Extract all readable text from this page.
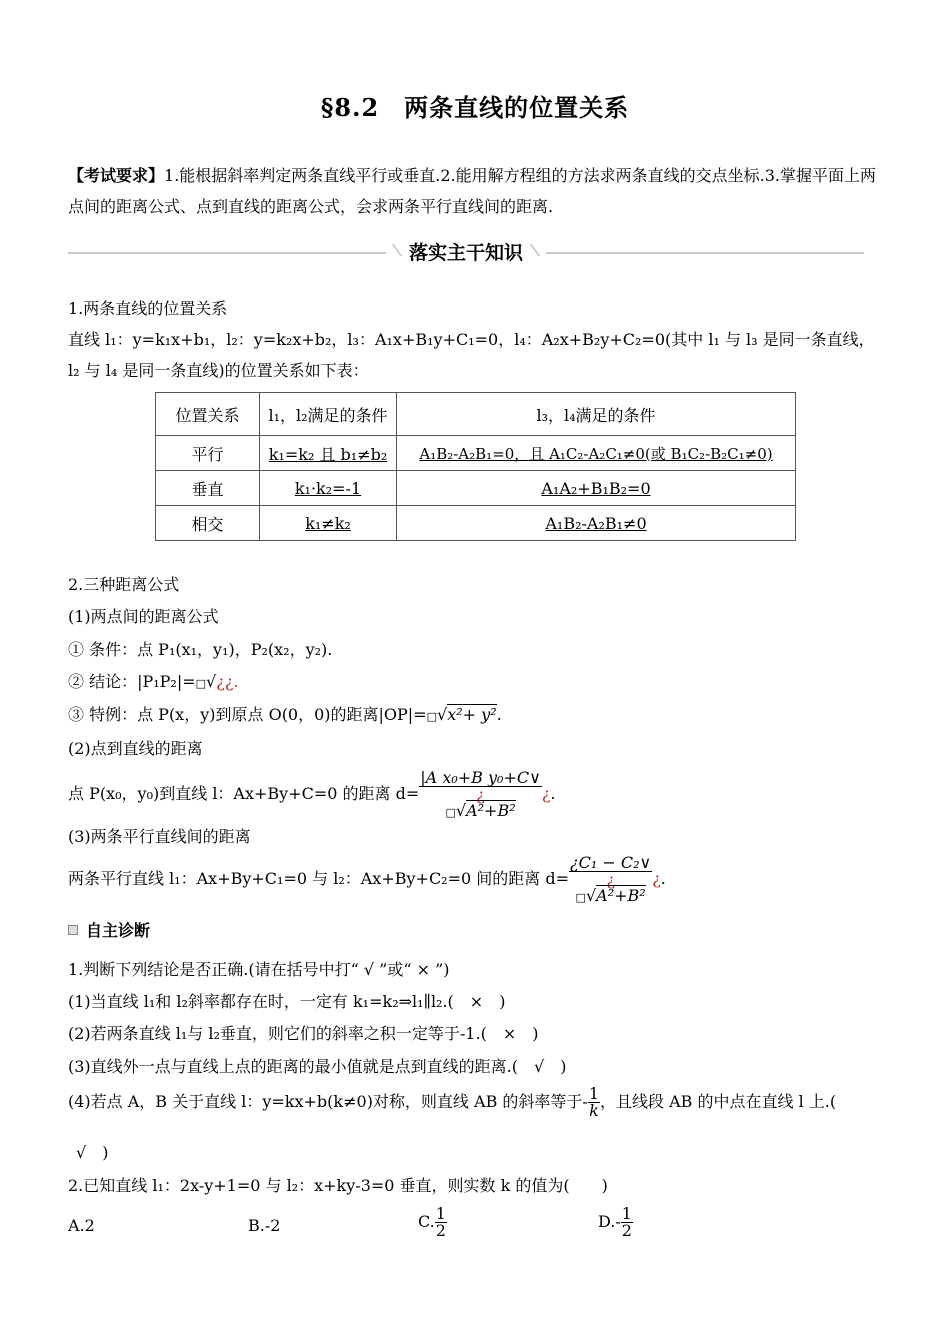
§8.2　两条直线的位置关系
【考试要求】1.能根据斜率判定两条直线平行或垂直.2.能用解方程组的方法求两条直线的交点坐标.3.掌握平面上两点间的距离公式、点到直线的距离公式，会求两条平行直线间的距离.
落实主干知识
1.两条直线的位置关系
直线 l₁：y=k₁x+b₁，l₂：y=k₂x+b₂，l₃：A₁x+B₁y+C₁=0，l₄：A₂x+B₂y+C₂=0(其中 l₁ 与 l₃ 是同一条直线，l₂ 与 l₄ 是同一条直线)的位置关系如下表：
位置关系	l₁，l₂满足的条件	l₃，l₄满足的条件
平行	k₁=k₂ 且 b₁≠b₂	A₁B₂-A₂B₁=0，且 A₁C₂-A₂C₁≠0(或 B₁C₂-B₂C₁≠0)
垂直	k₁·k₂=-1	A₁A₂+B₁B₂=0
相交	k₁≠k₂	A₁B₂-A₂B₁≠0
2.三种距离公式
(1)两点间的距离公式
① 条件：点 P₁(x₁，y₁)，P₂(x₂，y₂).
② 结论：|P₁P₂|=□√¿¿.
③ 特例：点 P(x，y)到原点 O(0，0)的距离|OP|=□√x²+ y².
(2)点到直线的距离
点 P(x₀，y₀)到直线 l：Ax+By+C=0 的距离 d=
|A x₀+B y₀+C∨
¿
□√A²+B²
¿.
(3)两条平行直线间的距离
两条平行直线 l₁：Ax+By+C₁=0 与 l₂：Ax+By+C₂=0 间的距离 d=
¿C₁ − C₂∨
¿
□√A²+B²
¿.
自主诊断
1.判断下列结论是否正确.(请在括号中打“ √ ”或“ × ”)
(1)当直线 l₁和 l₂斜率都存在时，一定有 k₁=k₂⇒l₁∥l₂.(　×　)
(2)若两条直线 l₁与 l₂垂直，则它们的斜率之积一定等于-1.(　×　)
(3)直线外一点与直线上点的距离的最小值就是点到直线的距离.(　√　)
(4)若点 A，B 关于直线 l：y=kx+b(k≠0)对称，则直线 AB 的斜率等于- $\frac{1}{k}$ ，且线段 AB 的中点在直线 l 上.(
√　)
2.已知直线 l₁：2x-y+1=0 与 l₂：x+ky-3=0 垂直，则实数 k 的值为(　　)
A.2	B.-2	C. $\frac{1}{2}$	$D.- \frac{1}{2}$
